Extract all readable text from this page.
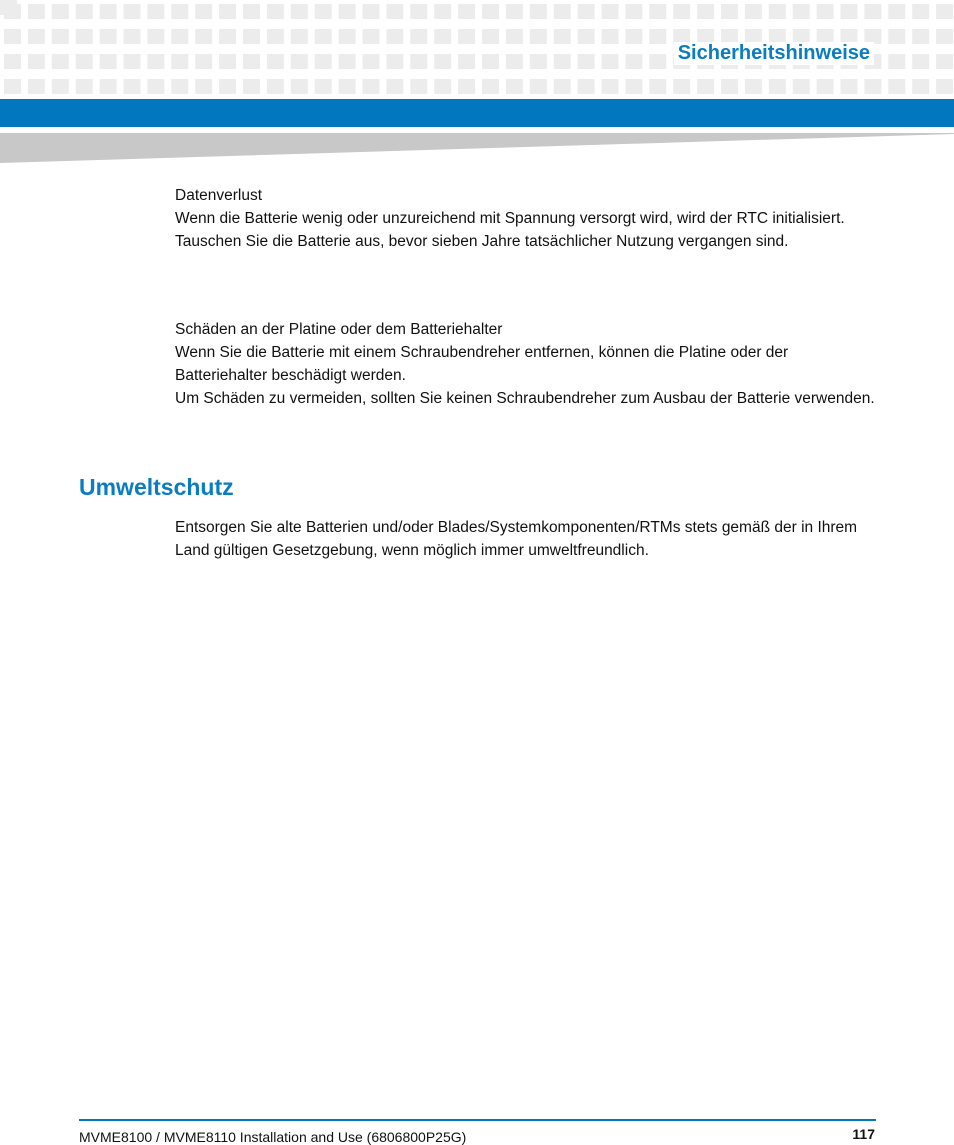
Sicherheitshinweise

Datenverlust

Wenn die Batterie wenig oder unzureichend mit Spannung versorgt wird, wird der RTC initialisiert.

Tauschen Sie die Batterie aus, bevor sieben Jahre tatsächlicher Nutzung vergangen sind.

Schäden an der Platine oder dem Batteriehalter

Wenn Sie die Batterie mit einem Schraubendreher entfernen, können die Platine oder der Batteriehalter beschädigt werden.

Um Schäden zu vermeiden, sollten Sie keinen Schraubendreher zum Ausbau der Batterie verwenden.

Umweltschutz

Entsorgen Sie alte Batterien und/oder Blades/Systemkomponenten/RTMs stets gemäß der in Ihrem Land gültigen Gesetzgebung, wenn möglich immer umweltfreundlich.

MVME8100 / MVME8110 Installation and Use (6806800P25G)	117
